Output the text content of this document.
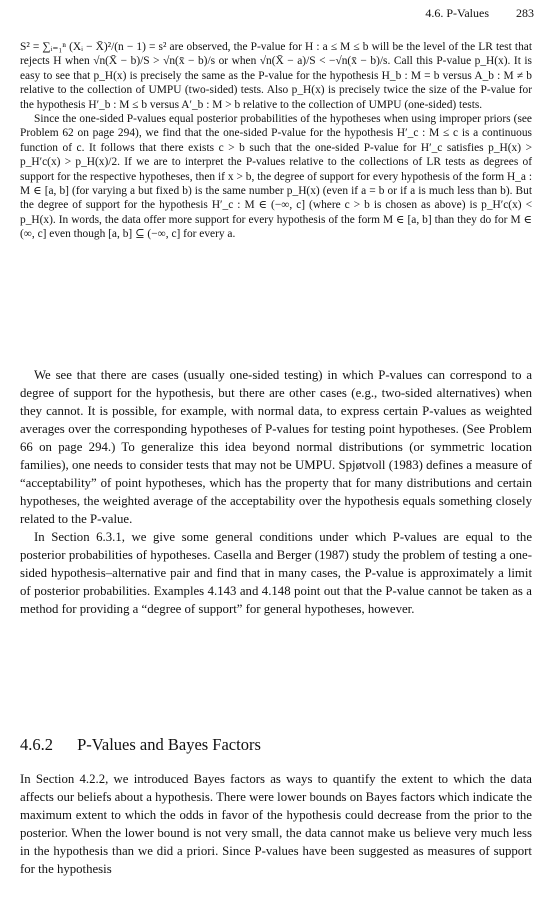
4.6. P-Values 283

S² = ∑ᵢ₌₁ⁿ (Xᵢ − X̄)²/(n − 1) = s² are observed, the P-value for H : a ≤ M ≤ b will be the level of the LR test that rejects H when √n(X̄ − b)/S > √n(x̄ − b)/s or when √n(X̄ − a)/S < −√n(x̄ − b)/s. Call this P-value p_H(x). It is easy to see that p_H(x) is precisely the same as the P-value for the hypothesis H_b : M = b versus A_b : M ≠ b relative to the collection of UMPU (two-sided) tests. Also p_H(x) is precisely twice the size of the P-value for the hypothesis H′_b : M ≤ b versus A′_b : M > b relative to the collection of UMPU (one-sided) tests.

Since the one-sided P-values equal posterior probabilities of the hypotheses when using improper priors (see Problem 62 on page 294), we find that the one-sided P-value for the hypothesis H′_c : M ≤ c is a continuous function of c. It follows that there exists c > b such that the one-sided P-value for H′_c satisfies p_H(x) > p_H′c(x) > p_H(x)/2. If we are to interpret the P-values relative to the collections of LR tests as degrees of support for the respective hypotheses, then if x > b, the degree of support for every hypothesis of the form H_a : M ∈ [a, b] (for varying a but fixed b) is the same number p_H(x) (even if a = b or if a is much less than b). But the degree of support for the hypothesis H′_c : M ∈ (−∞, c] (where c > b is chosen as above) is p_H′c(x) < p_H(x). In words, the data offer more support for every hypothesis of the form M ∈ [a, b] than they do for M ∈ (∞, c] even though [a, b] ⊆ (−∞, c] for every a.

We see that there are cases (usually one-sided testing) in which P-values can correspond to a degree of support for the hypothesis, but there are other cases (e.g., two-sided alternatives) when they cannot. It is possible, for example, with normal data, to express certain P-values as weighted averages over the corresponding hypotheses of P-values for testing point hypotheses. (See Problem 66 on page 294.) To generalize this idea beyond normal distributions (or symmetric location families), one needs to consider tests that may not be UMPU. Spjøtvoll (1983) defines a measure of “acceptability” of point hypotheses, which has the property that for many distributions and certain hypotheses, the weighted average of the acceptability over the hypothesis equals something closely related to the P-value.

In Section 6.3.1, we give some general conditions under which P-values are equal to the posterior probabilities of hypotheses. Casella and Berger (1987) study the problem of testing a one-sided hypothesis–alternative pair and find that in many cases, the P-value is approximately a limit of posterior probabilities. Examples 4.143 and 4.148 point out that the P-value cannot be taken as a method for providing a “degree of support” for general hypotheses, however.

4.6.2 P-Values and Bayes Factors

In Section 4.2.2, we introduced Bayes factors as ways to quantify the extent to which the data affects our beliefs about a hypothesis. There were lower bounds on Bayes factors which indicate the maximum extent to which the odds in favor of the hypothesis could decrease from the prior to the posterior. When the lower bound is not very small, the data cannot make us believe very much less in the hypothesis than we did a priori. Since P-values have been suggested as measures of support for the hypothesis
